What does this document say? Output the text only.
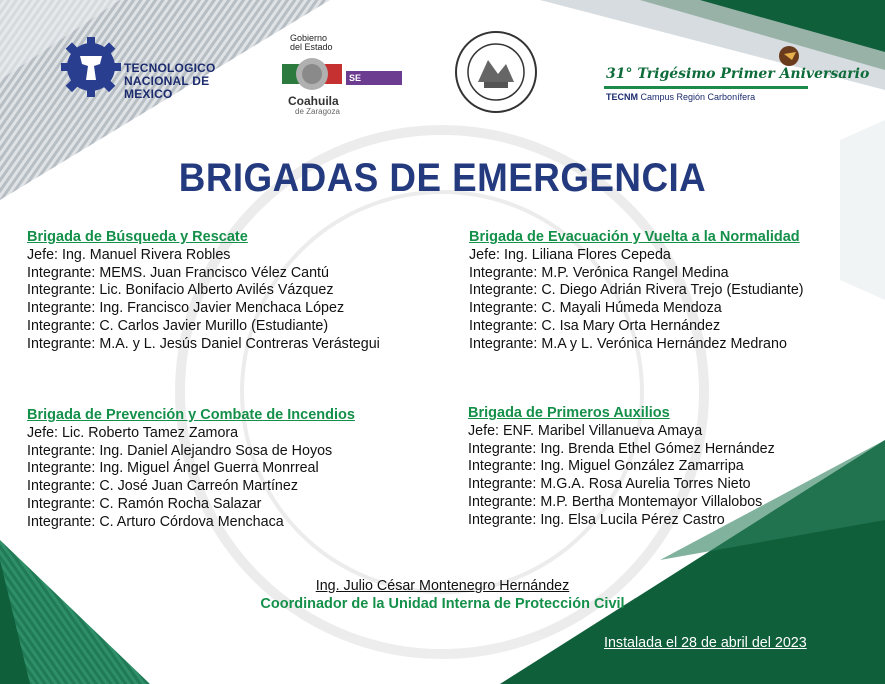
TECNOLOGICO
NACIONAL DE MEXICO
Gobierno
del Estado
SE
Coahuila
de Zaragoza
31° Trigésimo Primer Aniversario
TECNM Campus Región Carbonífera
BRIGADAS DE EMERGENCIA
Brigada de Búsqueda y Rescate
Jefe: Ing. Manuel Rivera Robles
Integrante: MEMS. Juan Francisco Vélez Cantú
Integrante: Lic. Bonifacio Alberto Avilés Vázquez
Integrante: Ing. Francisco Javier Menchaca López
Integrante: C. Carlos Javier Murillo (Estudiante)
Integrante: M.A. y L. Jesús Daniel Contreras Verástegui
Brigada de Evacuación y Vuelta a la Normalidad
Jefe: Ing. Liliana Flores Cepeda
Integrante: M.P. Verónica Rangel Medina
Integrante: C. Diego Adrián Rivera Trejo (Estudiante)
Integrante: C. Mayali Húmeda Mendoza
Integrante: C. Isa Mary Orta Hernández
Integrante: M.A y L. Verónica Hernández Medrano
Brigada de Prevención y Combate de Incendios
Jefe: Lic. Roberto Tamez Zamora
Integrante: Ing. Daniel Alejandro Sosa de Hoyos
Integrante: Ing. Miguel Ángel Guerra Monrreal
Integrante: C. José Juan Carreón Martínez
Integrante: C. Ramón Rocha Salazar
Integrante: C. Arturo Córdova Menchaca
Brigada de Primeros Auxilios
Jefe: ENF. Maribel Villanueva Amaya
Integrante: Ing. Brenda Ethel Gómez Hernández
Integrante: Ing. Miguel González Zamarripa
Integrante: M.G.A. Rosa Aurelia Torres Nieto
Integrante: M.P. Bertha Montemayor Villalobos
Integrante: Ing. Elsa Lucila Pérez Castro
Ing. Julio César Montenegro Hernández
Coordinador de la Unidad Interna de Protección Civil
Instalada el 28 de abril del 2023
